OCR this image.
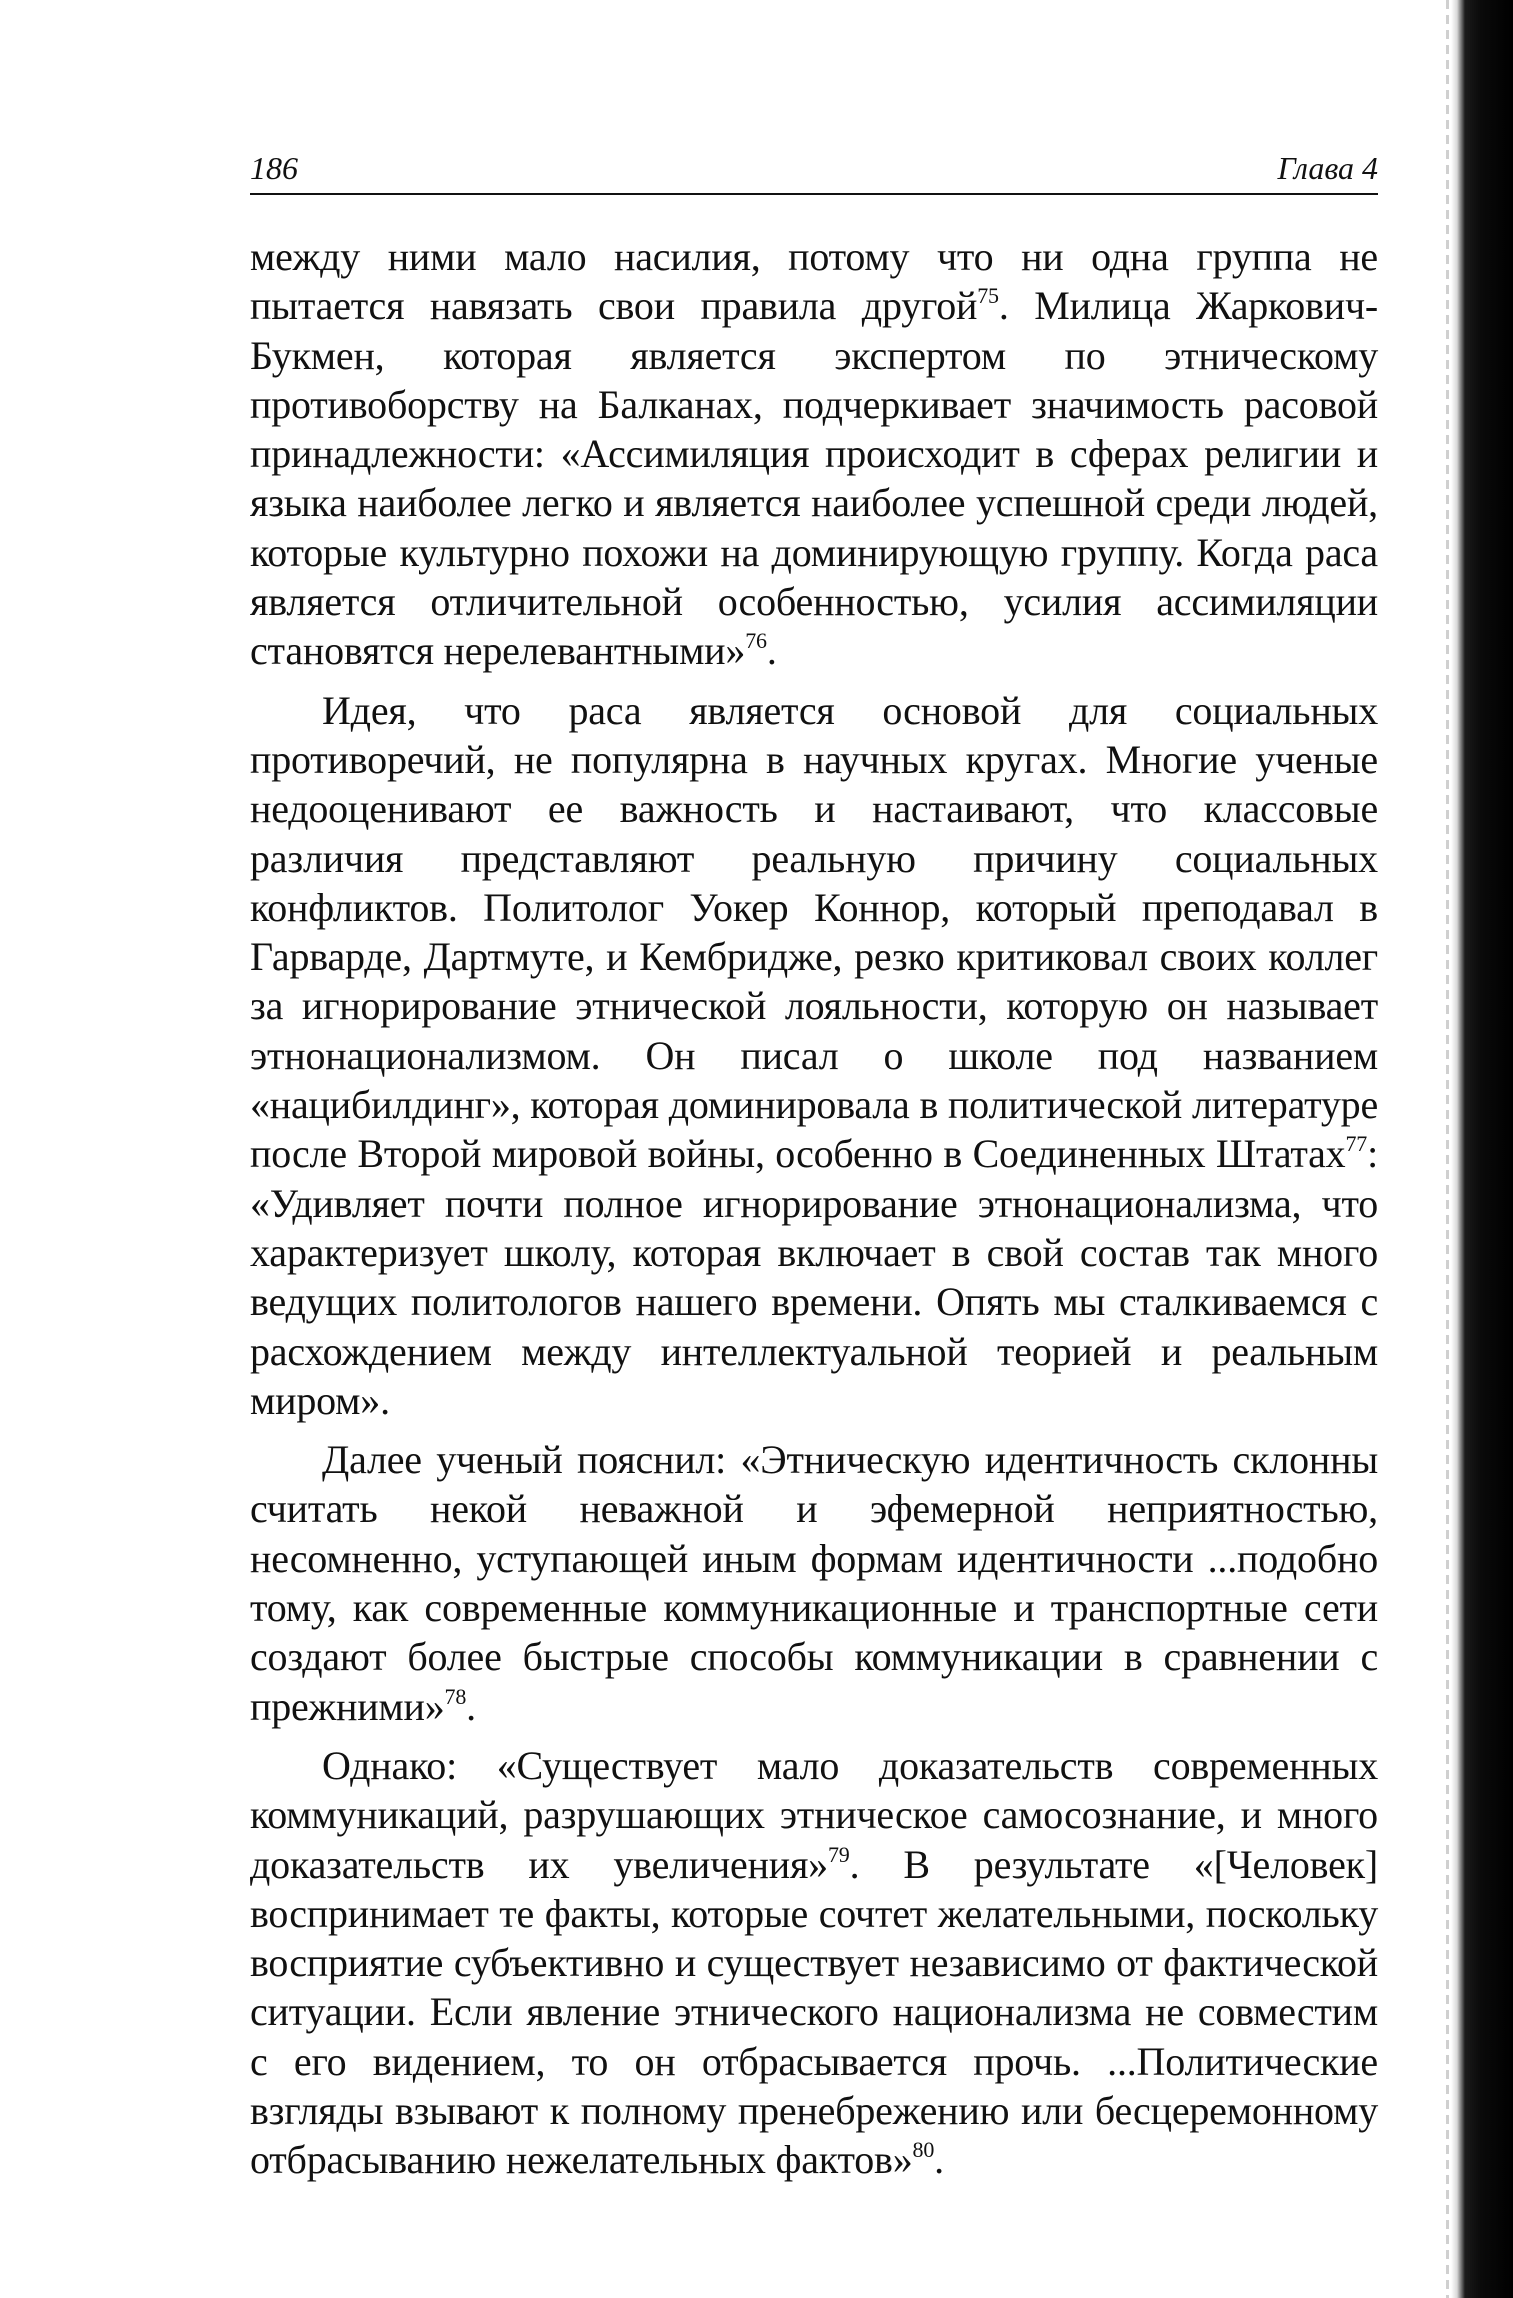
186	Глава 4

между ними мало насилия, потому что ни одна группа не пытается навязать свои правила другой$^{75}$. Милица Жаркович-Букмен, которая является экспертом по этническому противоборству на Балканах, подчеркивает значимость расовой принадлежности: «Ассимиляция происходит в сферах религии и языка наиболее легко и является наиболее успешной среди людей, которые культурно похожи на доминирующую группу. Когда раса является отличительной особенностью, усилия ассимиляции становятся нерелевантными»$^{76}$.

Идея, что раса является основой для социальных противоречий, не популярна в научных кругах. Многие ученые недооценивают ее важность и настаивают, что классовые различия представляют реальную причину социальных конфликтов. Политолог Уокер Коннор, который преподавал в Гарварде, Дартмуте, и Кембридже, резко критиковал своих коллег за игнорирование этнической лояльности, которую он называет этнонационализмом. Он писал о школе под названием «нацибилдинг», которая доминировала в политической литературе после Второй мировой войны, особенно в Соединенных Штатах$^{77}$: «Удивляет почти полное игнорирование этнонационализма, что характеризует школу, которая включает в свой состав так много ведущих политологов нашего времени. Опять мы сталкиваемся с расхождением между интеллектуальной теорией и реальным миром».

Далее ученый пояснил: «Этническую идентичность склонны считать некой неважной и эфемерной неприятностью, несомненно, уступающей иным формам идентичности ...подобно тому, как современные коммуникационные и транспортные сети создают более быстрые способы коммуникации в сравнении с прежними»$^{78}$.

Однако: «Существует мало доказательств современных коммуникаций, разрушающих этническое самосознание, и много доказательств их увеличения»$^{79}$. В результате «[Человек] воспринимает те факты, которые сочтет желательными, поскольку восприятие субъективно и существует независимо от фактической ситуации. Если явление этнического национализма не совместим с его видением, то он отбрасывается прочь. ...Политические взгляды взывают к полному пренебрежению или бесцеремонному отбрасыванию нежелательных фактов»$^{80}$.
